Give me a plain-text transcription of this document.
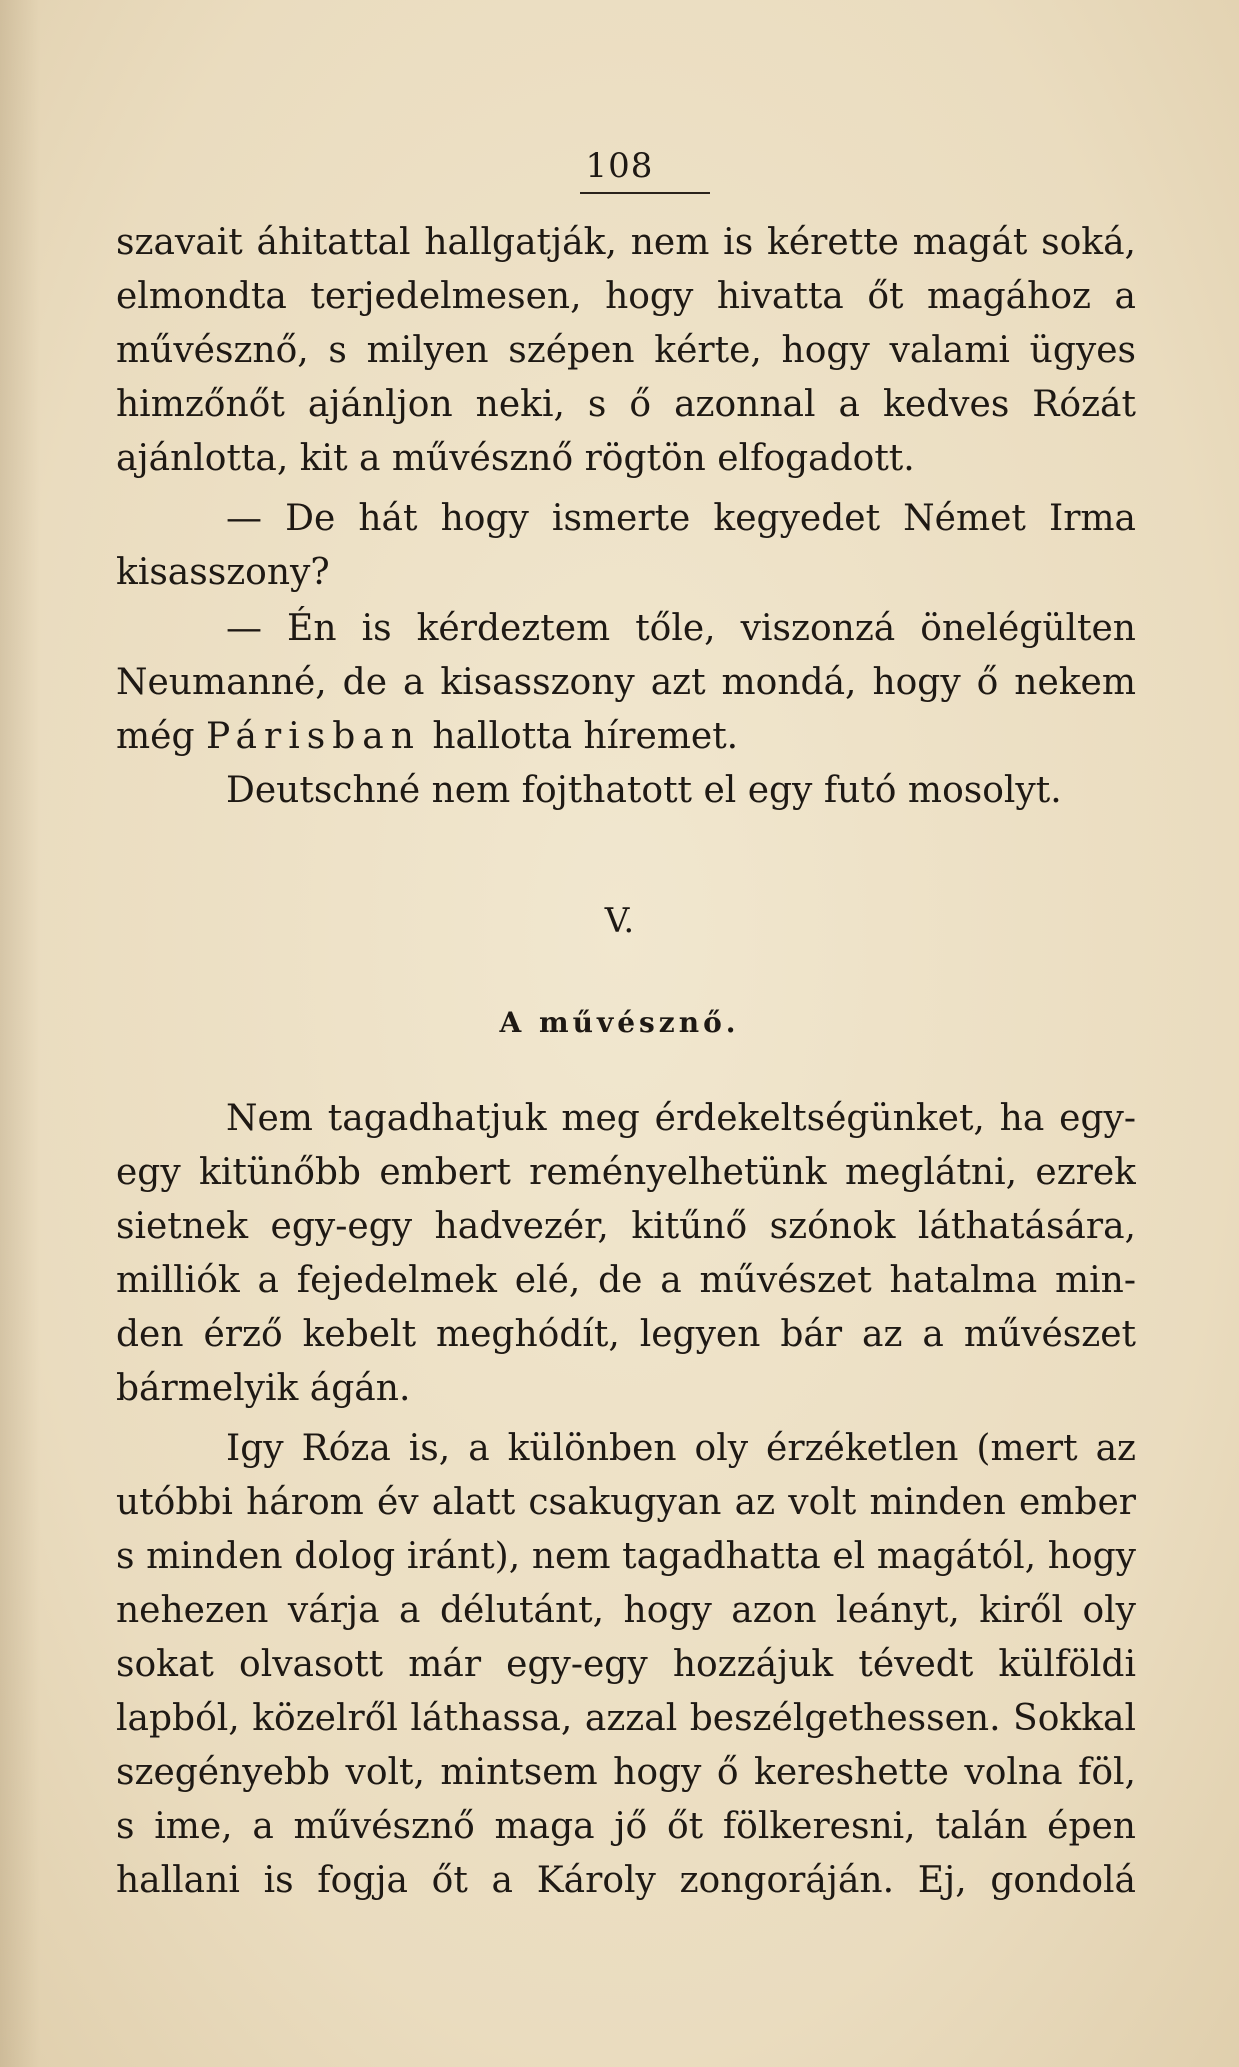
108
szavait áhitattal hallgatják, nem is kérette magát soká,
elmondta terjedelmesen, hogy hivatta őt magához a
művésznő, s milyen szépen kérte, hogy valami ügyes
himzőnőt ajánljon neki, s ő azonnal a kedves Rózát
ajánlotta, kit a művésznő rögtön elfogadott.
— De hát hogy ismerte kegyedet Német Irma
kisasszony?
— Én is kérdeztem tőle, viszonzá önelégülten
Neumanné, de a kisasszony azt mondá, hogy ő nekem
még Párisban hallotta híremet.
Deutschné nem fojthatott el egy futó mosolyt.
V.
A művésznő.
Nem tagadhatjuk meg érdekeltségünket, ha egy-
egy kitünőbb embert reményelhetünk meglátni, ezrek
sietnek egy-egy hadvezér, kitűnő szónok láthatására,
milliók a fejedelmek elé, de a művészet hatalma min-
den érző kebelt meghódít, legyen bár az a művészet
bármelyik ágán.
Igy Róza is, a különben oly érzéketlen (mert az
utóbbi három év alatt csakugyan az volt minden ember
s minden dolog iránt), nem tagadhatta el magától, hogy
nehezen várja a délutánt, hogy azon leányt, kiről oly
sokat olvasott már egy-egy hozzájuk tévedt külföldi
lapból, közelről láthassa, azzal beszélgethessen. Sokkal
szegényebb volt, mintsem hogy ő kereshette volna föl,
s ime, a művésznő maga jő őt fölkeresni, talán épen
hallani is fogja őt a Károly zongoráján. Ej, gondolá
